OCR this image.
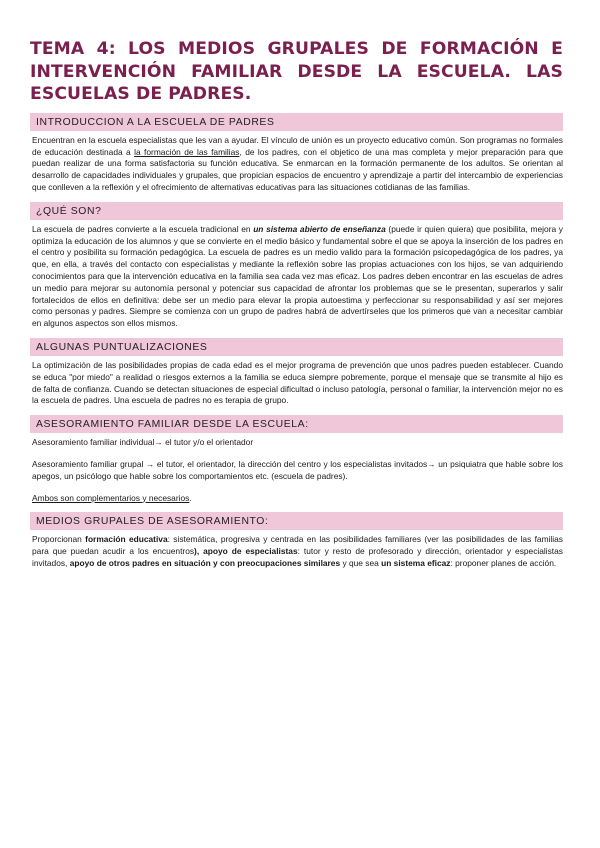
TEMA 4: LOS MEDIOS GRUPALES DE FORMACIÓN E INTERVENCIÓN FAMILIAR DESDE LA ESCUELA. LAS ESCUELAS DE PADRES.
INTRODUCCION A LA ESCUELA DE PADRES

Encuentran en la escuela especialistas que les van a ayudar. El vínculo de unión es un proyecto educativo común. Son programas no formales de educación destinada a la formación de las familias, de los padres, con el objetico de una mas completa y mejor preparación para que puedan realizar de una forma satisfactoria su función educativa. Se enmarcan en la formación permanente de los adultos. Se orientan al desarrollo de capacidades individuales y grupales, que propician espacios de encuentro y aprendizaje a partir del intercambio de experiencias que conlleven a la reflexión y el ofrecimiento de alternativas educativas para las situaciones cotidianas de las familias.

¿QUÉ SON?

La escuela de padres convierte a la escuela tradicional en un sistema abierto de enseñanza (puede ir quien quiera) que posibilita, mejora y optimiza la educación de los alumnos y que se convierte en el medio básico y fundamental sobre el que se apoya la inserción de los padres en el centro y posibilita su formación pedagógica. La escuela de padres es un medio valido para la formación psicopedagógica de los padres, ya que, en ella, a través del contacto con especialistas y mediante la reflexión sobre las propias actuaciones con los hijos, se van adquiriendo conocimientos para que la intervención educativa en la familia sea cada vez mas eficaz. Los padres deben encontrar en las escuelas de adres un medio para mejorar su autonomía personal y potenciar sus capacidad de afrontar los problemas que se le presentan, superarlos y salir fortalecidos de ellos en definitiva: debe ser un medio para elevar la propia autoestima y perfeccionar su responsabilidad y así ser mejores como personas y padres. Siempre se comienza con un grupo de padres habrá de advertírseles que los primeros que van a necesitar cambiar en algunos aspectos son ellos mismos.

ALGUNAS PUNTUALIZACIONES

La optimización de las posibilidades propias de cada edad es el mejor programa de prevención que unos padres pueden establecer. Cuando se educa "por miedo" a realidad o riesgos externos a la familia se educa siempre pobremente, porque el mensaje que se transmite al hijo es de falta de confianza. Cuando se detectan situaciones de especial dificultad o incluso patología, personal o familiar, la intervención mejor no es la escuela de padres. Una escuela de padres no es terapia de grupo.

ASESORAMIENTO FAMILIAR DESDE LA ESCUELA:

Asesoramiento familiar individual→ el tutor y/o el orientador

Asesoramiento familiar grupal → el tutor, el orientador, la dirección del centro y los especialistas invitados→ un psiquiatra que hable sobre los apegos, un psicólogo que hable sobre los comportamientos etc. (escuela de padres).

Ambos son complementarios y necesarios.

MEDIOS GRUPALES DE ASESORAMIENTO:

Proporcionan formación educativa: sistemática, progresiva y centrada en las posibilidades familiares (ver las posibilidades de las familias para que puedan acudir a los encuentros), apoyo de especialistas: tutor y resto de profesorado y dirección, orientador y especialistas invitados, apoyo de otros padres en situación y con preocupaciones similares y que sea un sistema eficaz: proponer planes de acción.
